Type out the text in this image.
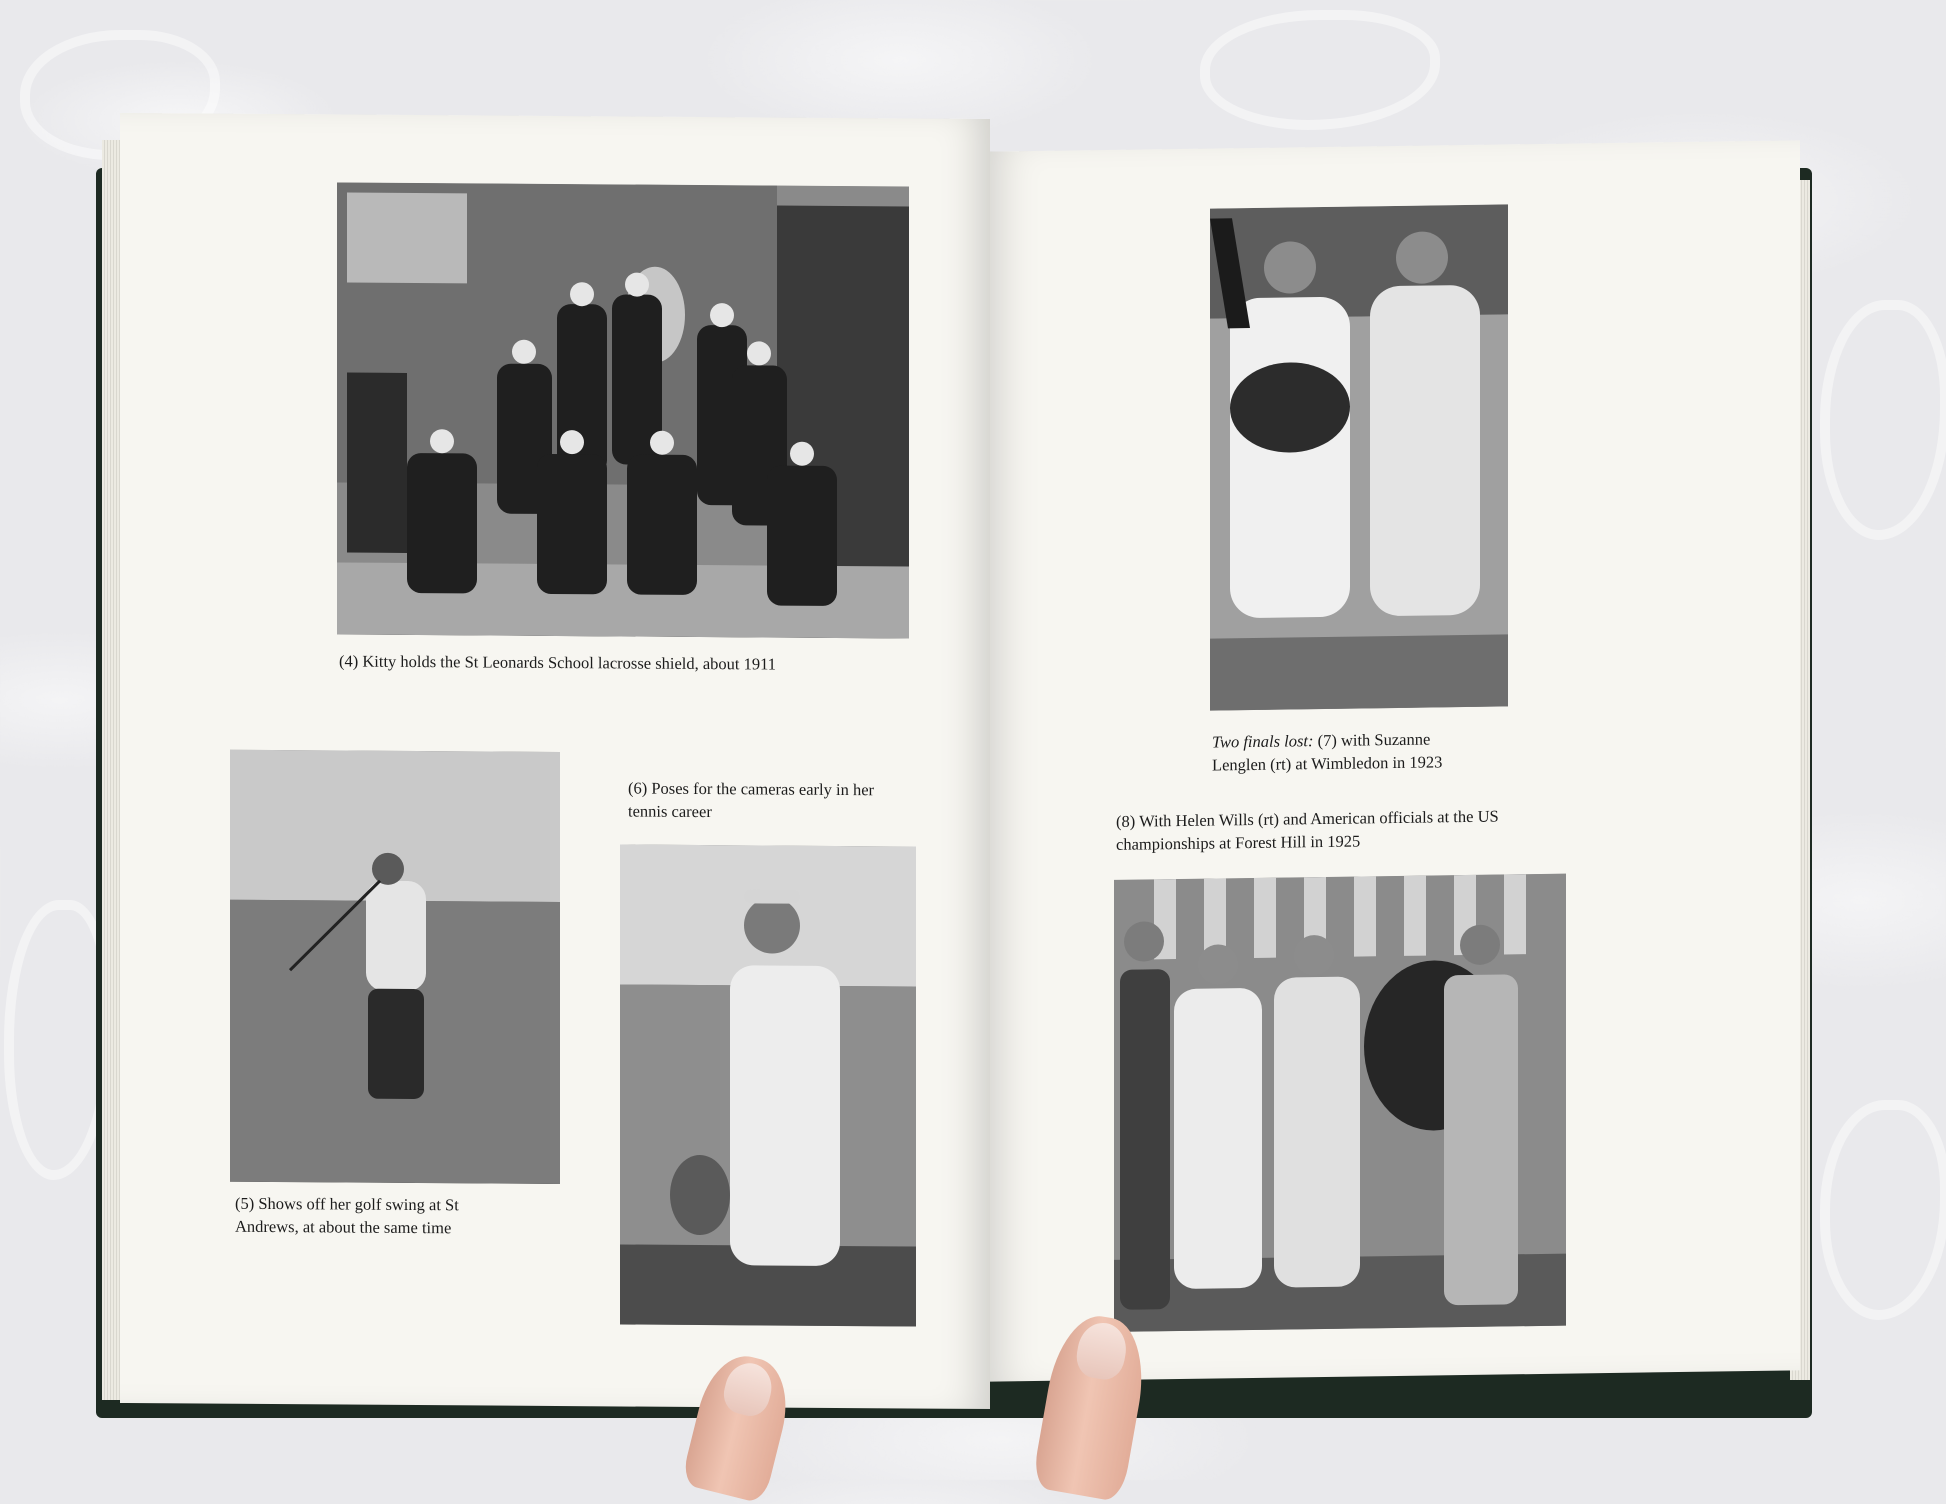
(4) Kitty holds the St Leonards School lacrosse shield, about 1911
(5) Shows off her golf swing at St
Andrews, at about the same time
(6) Poses for the cameras early in her
tennis career
Two finals lost: (7) with Suzanne
Lenglen (rt) at Wimbledon in 1923
(8) With Helen Wills (rt) and American officials at the US
championships at Forest Hill in 1925
